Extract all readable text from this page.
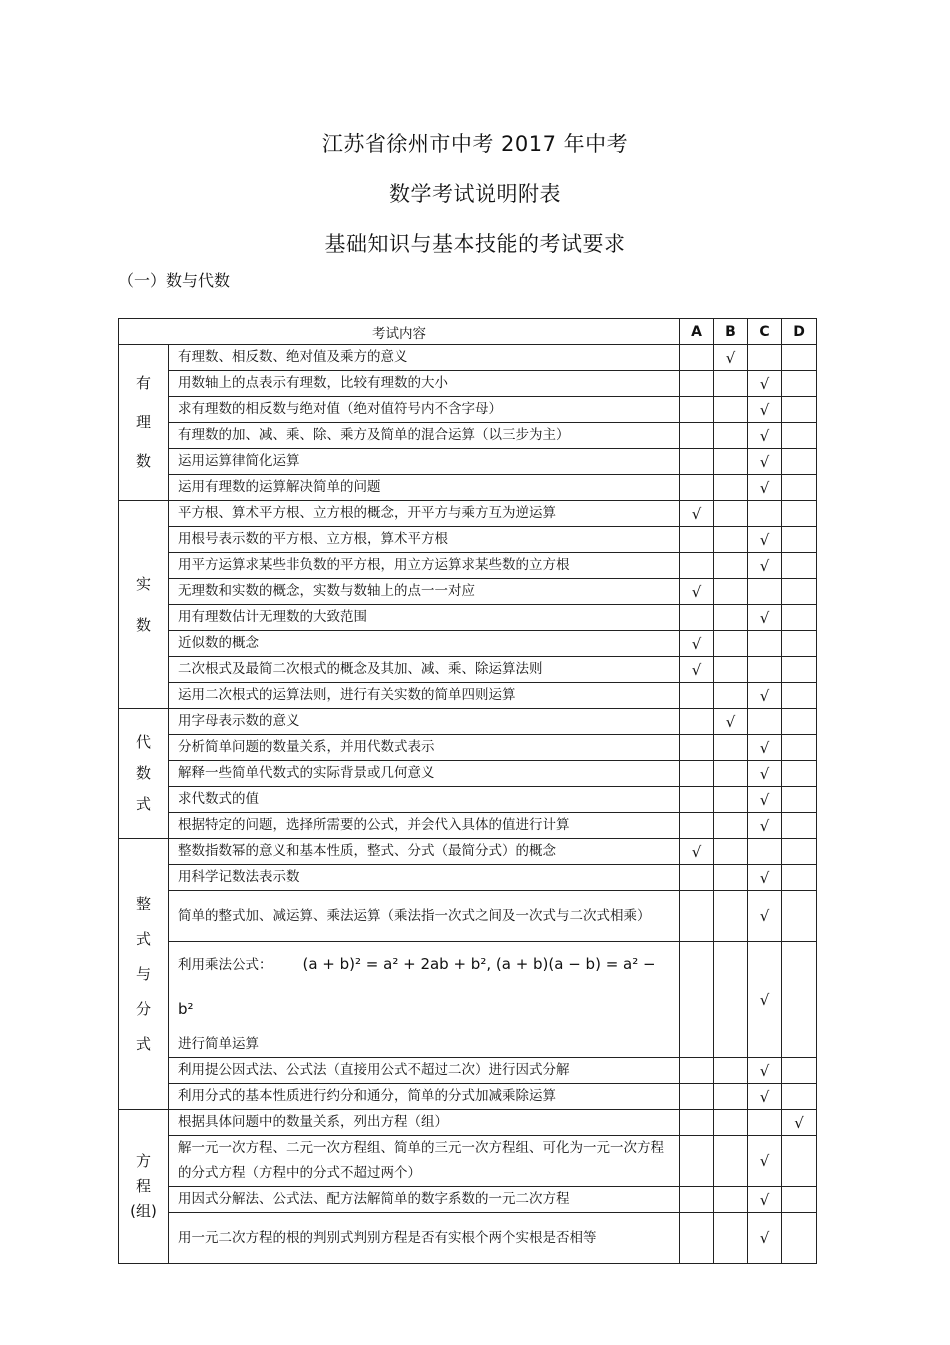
江苏省徐州市中考 2017 年中考
数学考试说明附表
基础知识与基本技能的考试要求
（一）数与代数
考试内容		A	B	C	D

有
理
数	有理数、相反数、绝对值及乘方的意义		√		
	用数轴上的点表示有理数，比较有理数的大小			√	
	求有理数的相反数与绝对值（绝对值符号内不含字母）			√	
	有理数的加、减、乘、除、乘方及简单的混合运算（以三步为主）			√	
	运用运算律简化运算			√	
	运用有理数的运算解决简单的问题			√	

实
数	平方根、算术平方根、立方根的概念，开平方与乘方互为逆运算	√			
	用根号表示数的平方根、立方根，算术平方根			√	
	用平方运算求某些非负数的平方根，用立方运算求某些数的立方根			√	
	无理数和实数的概念，实数与数轴上的点一一对应	√			
	用有理数估计无理数的大致范围			√	
	近似数的概念	√			
	二次根式及最简二次根式的概念及其加、减、乘、除运算法则	√			
	运用二次根式的运算法则，进行有关实数的简单四则运算			√	

代
数
式	用字母表示数的意义		√		
	分析简单问题的数量关系，并用代数式表示			√	
	解释一些简单代数式的实际背景或几何意义			√	
	求代数式的值			√	
	根据特定的问题，选择所需要的公式，并会代入具体的值进行计算			√	

整
式
与
分
式	整数指数幂的意义和基本性质，整式、分式（最简分式）的概念	√			
	用科学记数法表示数			√	
	简单的整式加、减运算、乘法运算（乘法指一次式之间及一次式与二次式相乘）			√	

	利用乘法公式： (a + b)² = a² + 2ab + b², (a + b)(a − b) = a² − b²
进行简单运算			√	
	利用提公因式法、公式法（直接用公式不超过二次）进行因式分解			√	
	利用分式的基本性质进行约分和通分，简单的分式加减乘除运算			√	

方
程
(组)	根据具体问题中的数量关系，列出方程（组）				√
	解一元一次方程、二元一次方程组、简单的三元一次方程组、可化为一元一次方程的分式方程（方程中的分式不超过两个）			√	
	用因式分解法、公式法、配方法解简单的数字系数的一元二次方程			√	
	用一元二次方程的根的判别式判别方程是否有实根个两个实根是否相等			√	
